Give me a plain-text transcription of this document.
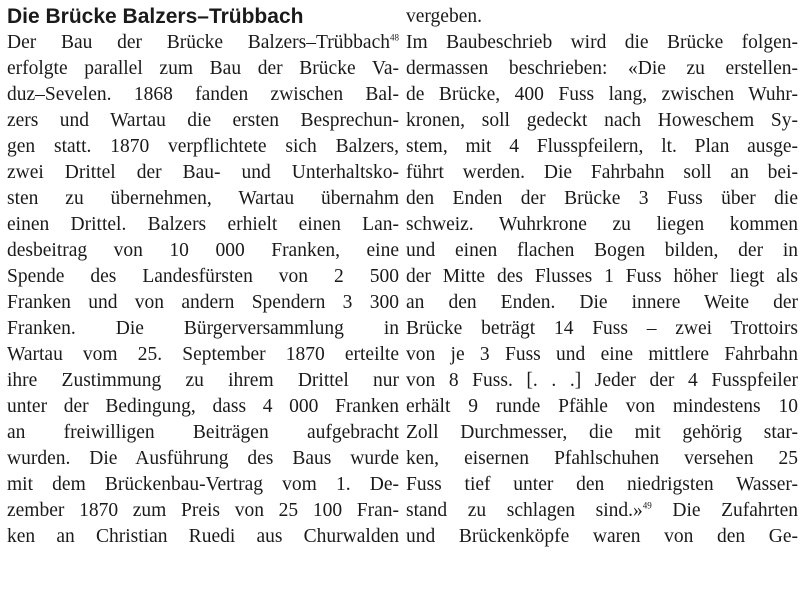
Die Brücke Balzers–Trübbach
Der Bau der Brücke Balzers–Trübbach$^{48}$
erfolgte parallel zum Bau der Brücke Va-
duz–Sevelen. 1868 fanden zwischen Bal-
zers und Wartau die ersten Besprechun-
gen statt. 1870 verpflichtete sich Balzers,
zwei Drittel der Bau- und Unterhaltsko-
sten zu übernehmen, Wartau übernahm
einen Drittel. Balzers erhielt einen Lan-
desbeitrag von 10 000 Franken, eine
Spende des Landesfürsten von 2 500
Franken und von andern Spendern 3 300
Franken. Die Bürgerversammlung in
Wartau vom 25. September 1870 erteilte
ihre Zustimmung zu ihrem Drittel nur
unter der Bedingung, dass 4 000 Franken
an freiwilligen Beiträgen aufgebracht
wurden. Die Ausführung des Baus wurde
mit dem Brückenbau-Vertrag vom 1. De-
zember 1870 zum Preis von 25 100 Fran-
ken an Christian Ruedi aus Churwalden
vergeben.
Im Baubeschrieb wird die Brücke folgen-
dermassen beschrieben: «Die zu erstellen-
de Brücke, 400 Fuss lang, zwischen Wuhr-
kronen, soll gedeckt nach Howeschem Sy-
stem, mit 4 Flusspfeilern, lt. Plan ausge-
führt werden. Die Fahrbahn soll an bei-
den Enden der Brücke 3 Fuss über die
schweiz. Wuhrkrone zu liegen kommen
und einen flachen Bogen bilden, der in
der Mitte des Flusses 1 Fuss höher liegt als
an den Enden. Die innere Weite der
Brücke beträgt 14 Fuss – zwei Trottoirs
von je 3 Fuss und eine mittlere Fahrbahn
von 8 Fuss. [. . .] Jeder der 4 Fusspfeiler
erhält 9 runde Pfähle von mindestens 10
Zoll Durchmesser, die mit gehörig star-
ken, eisernen Pfahlschuhen versehen 25
Fuss tief unter den niedrigsten Wasser-
stand zu schlagen sind.»$^{49}$ Die Zufahrten
und Brückenköpfe waren von den Ge-
